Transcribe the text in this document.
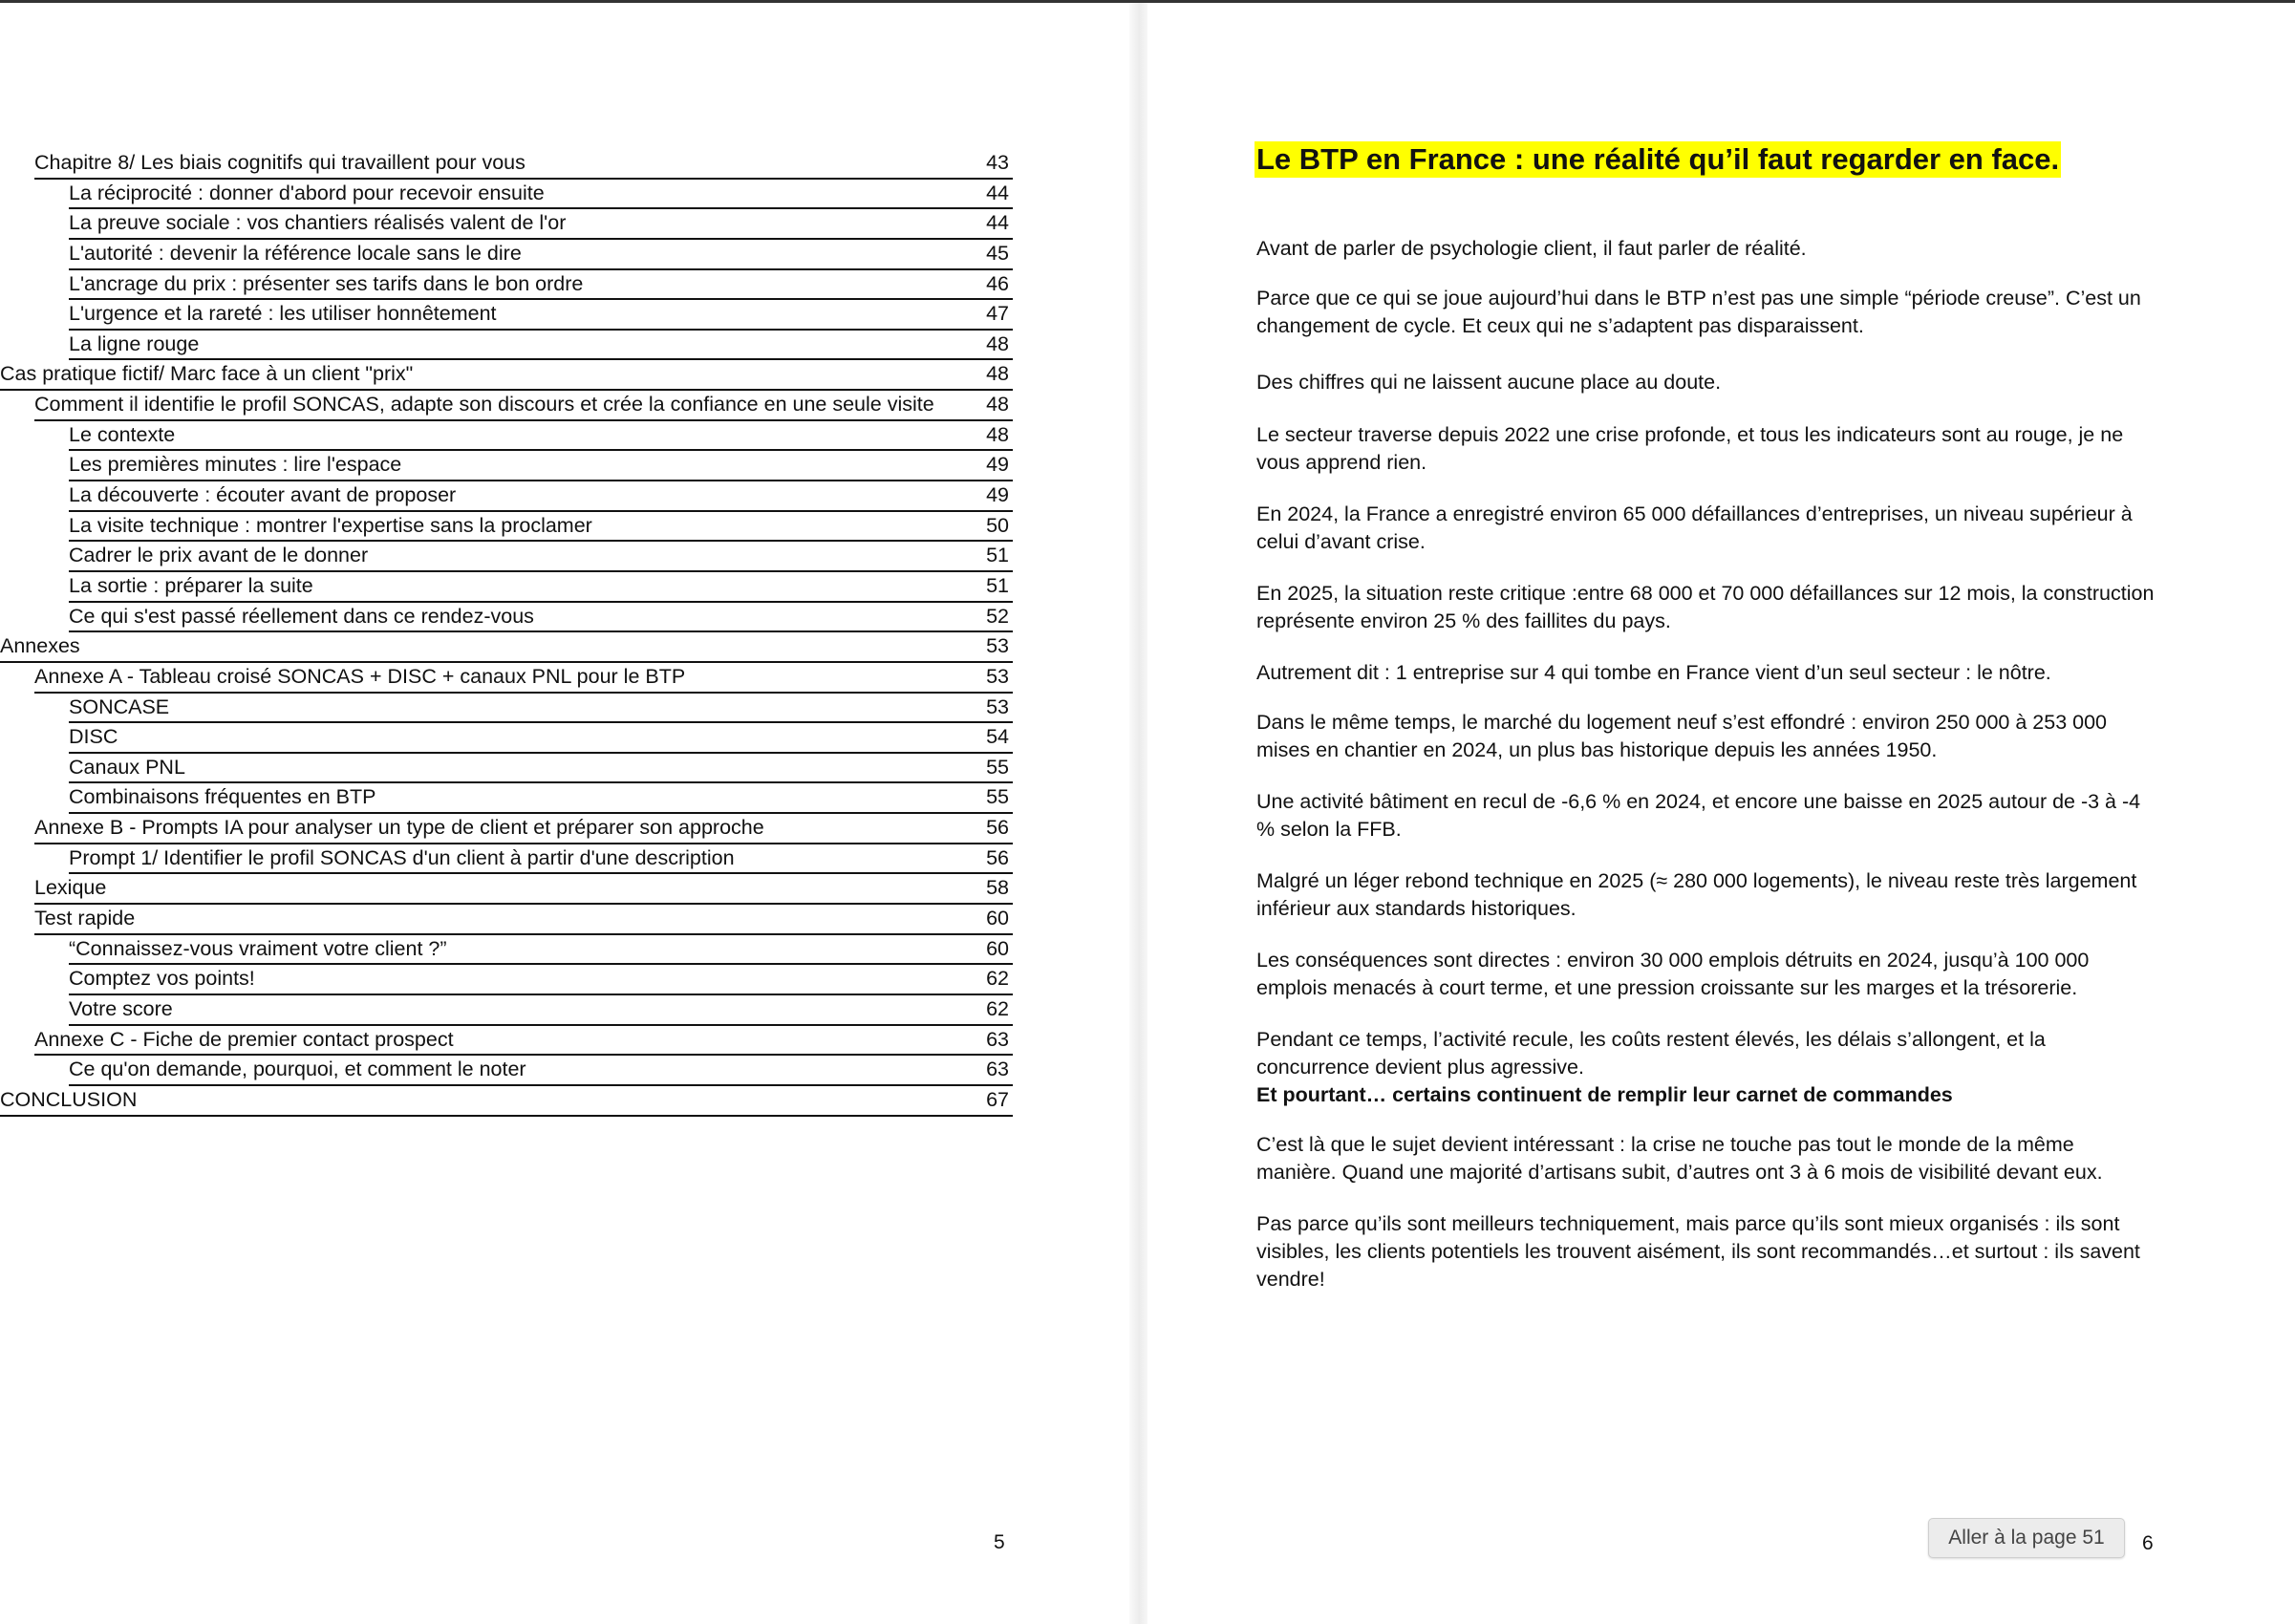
Chapitre 8/ Les biais cognitifs qui travaillent pour vous	43
La réciprocité : donner d'abord pour recevoir ensuite	44
La preuve sociale : vos chantiers réalisés valent de l'or	44
L'autorité : devenir la référence locale sans le dire	45
L'ancrage du prix : présenter ses tarifs dans le bon ordre	46
L'urgence et la rareté : les utiliser honnêtement	47
La ligne rouge	48
Cas pratique fictif/ Marc face à un client "prix"	48
Comment il identifie le profil SONCAS, adapte son discours et crée la confiance en une seule visite	48
Le contexte	48
Les premières minutes : lire l'espace	49
La découverte : écouter avant de proposer	49
La visite technique : montrer l'expertise sans la proclamer	50
Cadrer le prix avant de le donner	51
La sortie : préparer la suite	51
Ce qui s'est passé réellement dans ce rendez-vous	52
Annexes	53
Annexe A - Tableau croisé SONCAS + DISC + canaux PNL pour le BTP	53
SONCASE	53
DISC	54
Canaux PNL	55
Combinaisons fréquentes en BTP	55
Annexe B - Prompts IA pour analyser un type de client et préparer son approche	56
Prompt 1/ Identifier le profil SONCAS d'un client à partir d'une description	56
Lexique	58
Test rapide	60
“Connaissez-vous vraiment votre client ?”	60
Comptez vos points!	62
Votre score	62
Annexe C - Fiche de premier contact prospect	63
Ce qu'on demande, pourquoi, et comment le noter	63
CONCLUSION	67
5	6
Le BTP en France : une réalité qu’il faut regarder en face.

Avant de parler de psychologie client, il faut parler de réalité.

Parce que ce qui se joue aujourd’hui dans le BTP n’est pas une simple “période creuse”. C’est un changement de cycle. Et ceux qui ne s’adaptent pas disparaissent.

Des chiffres qui ne laissent aucune place au doute.

Le secteur traverse depuis 2022 une crise profonde, et tous les indicateurs sont au rouge, je ne vous apprend rien.

En 2024, la France a enregistré environ 65 000 défaillances d’entreprises, un niveau supérieur à celui d’avant crise.

En 2025, la situation reste critique :entre 68 000 et 70 000 défaillances sur 12 mois, la construction représente environ 25 % des faillites du pays.

Autrement dit : 1 entreprise sur 4 qui tombe en France vient d’un seul secteur : le nôtre.

Dans le même temps, le marché du logement neuf s’est effondré : environ 250 000 à 253 000 mises en chantier en 2024, un plus bas historique depuis les années 1950.

Une activité bâtiment en recul de -6,6 % en 2024, et encore une baisse en 2025 autour de -3 à -4 % selon la FFB.

Malgré un léger rebond technique en 2025 (≈ 280 000 logements), le niveau reste très largement inférieur aux standards historiques.

Les conséquences sont directes : environ 30 000 emplois détruits en 2024, jusqu’à 100 000 emplois menacés à court terme, et une pression croissante sur les marges et la trésorerie.

Pendant ce temps, l’activité recule, les coûts restent élevés, les délais s’allongent, et la concurrence devient plus agressive.

Et pourtant… certains continuent de remplir leur carnet de commandes

C’est là que le sujet devient intéressant : la crise ne touche pas tout le monde de la même manière. Quand une majorité d’artisans subit, d’autres ont 3 à 6 mois de visibilité devant eux.

Pas parce qu’ils sont meilleurs techniquement, mais parce qu’ils sont mieux organisés : ils sont visibles, les clients potentiels les trouvent aisément, ils sont recommandés…et surtout : ils savent vendre!

Aller à la page 51
